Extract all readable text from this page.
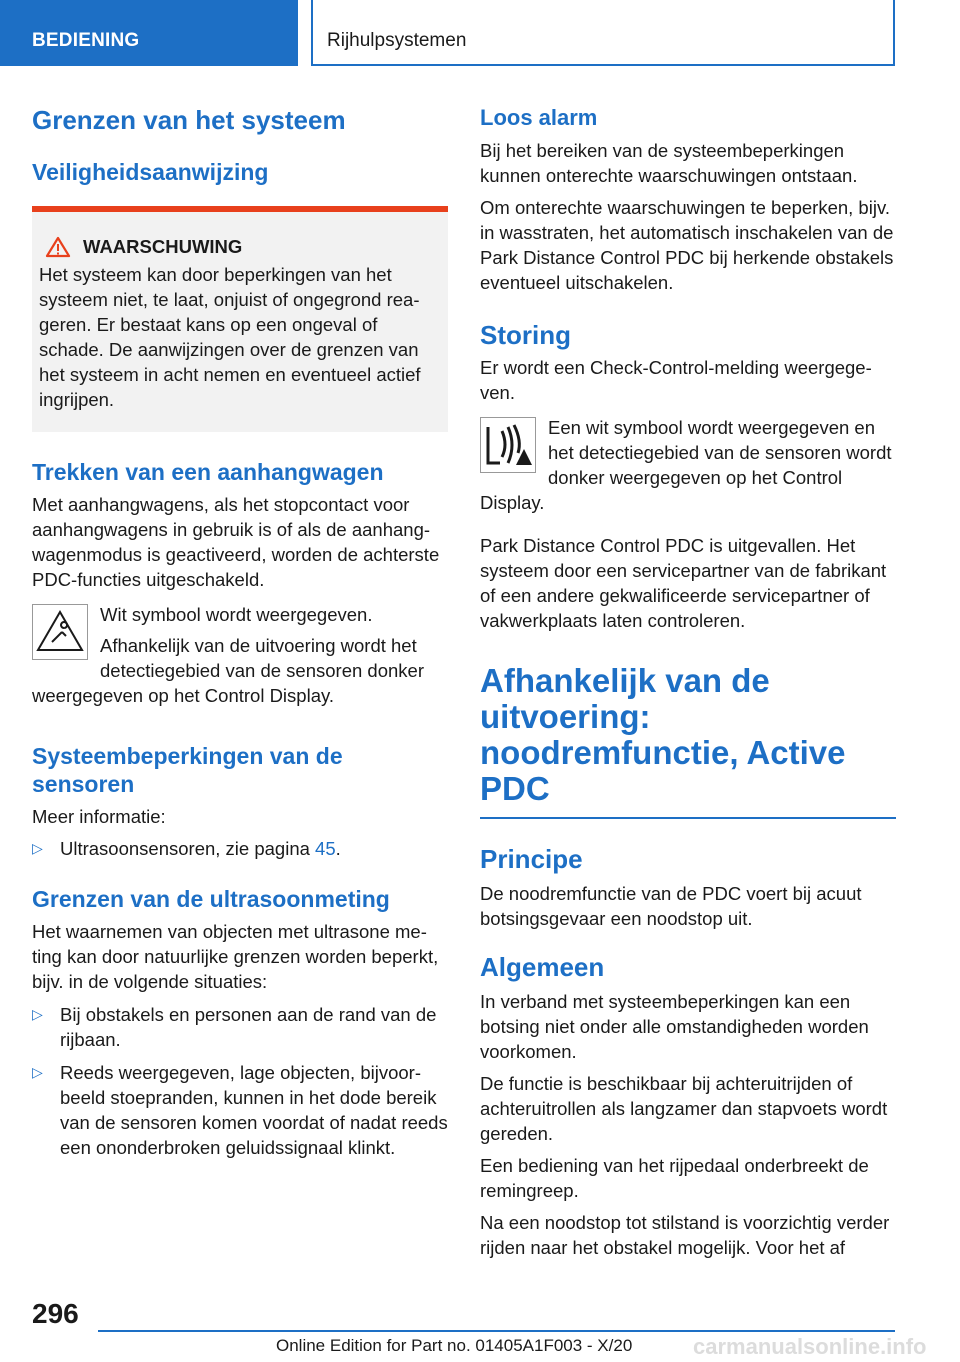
BEDIENING	Rijhulpsystemen
Grenzen van het systeem
Veiligheidsaanwijzing
WAARSCHUWING
Het systeem kan door beperkingen van het systeem niet, te laat, onjuist of ongegrond reageren. Er bestaat kans op een ongeval of schade. De aanwijzingen over de grenzen van het systeem in acht nemen en eventueel actief ingrijpen.
Trekken van een aanhangwagen
Met aanhangwagens, als het stopcontact voor aanhangwagens in gebruik is of als de aanhangwagenmodus is geactiveerd, worden de achterste PDC-functies uitgeschakeld.
Wit symbool wordt weergegeven.
Afhankelijk van de uitvoering wordt het detectiegebied van de sensoren donker weergegeven op het Control Display.
Systeembeperkingen van de sensoren
Meer informatie:
▷ Ultrasoonsensoren, zie pagina 45.
Grenzen van de ultrasoonmeting
Het waarnemen van objecten met ultrasone meting kan door natuurlijke grenzen worden beperkt, bijv. in de volgende situaties:
▷ Bij obstakels en personen aan de rand van de rijbaan.
▷ Reeds weergegeven, lage objecten, bijvoorbeeld stoepranden, kunnen in het dode bereik van de sensoren komen voordat of nadat reeds een ononderbroken geluidssignaal klinkt.
Loos alarm
Bij het bereiken van de systeembeperkingen kunnen onterechte waarschuwingen ontstaan.
Om onterechte waarschuwingen te beperken, bijv. in wasstraten, het automatisch inschakelen van de Park Distance Control PDC bij herkende obstakels eventueel uitschakelen.
Storing
Er wordt een Check-Control-melding weergegeven.
Een wit symbool wordt weergegeven en het detectiegebied van de sensoren wordt donker weergegeven op het Control Display.
Park Distance Control PDC is uitgevallen. Het systeem door een servicepartner van de fabrikant of een andere gekwalificeerde servicepartner of vakwerkplaats laten controleren.
Afhankelijk van de uitvoering: noodremfunctie, Active PDC
Principe
De noodremfunctie van de PDC voert bij acuut botsingsgevaar een noodstop uit.
Algemeen
In verband met systeembeperkingen kan een botsing niet onder alle omstandigheden worden voorkomen.
De functie is beschikbaar bij achteruitrijden of achteruitrollen als langzamer dan stapvoets wordt gereden.
Een bediening van het rijpedaal onderbreekt de remingreep.
Na een noodstop tot stilstand is voorzichtig verder rijden naar het obstakel mogelijk. Voor het af
296
Online Edition for Part no. 01405A1F003 - X/20	carmanualsonline.info
